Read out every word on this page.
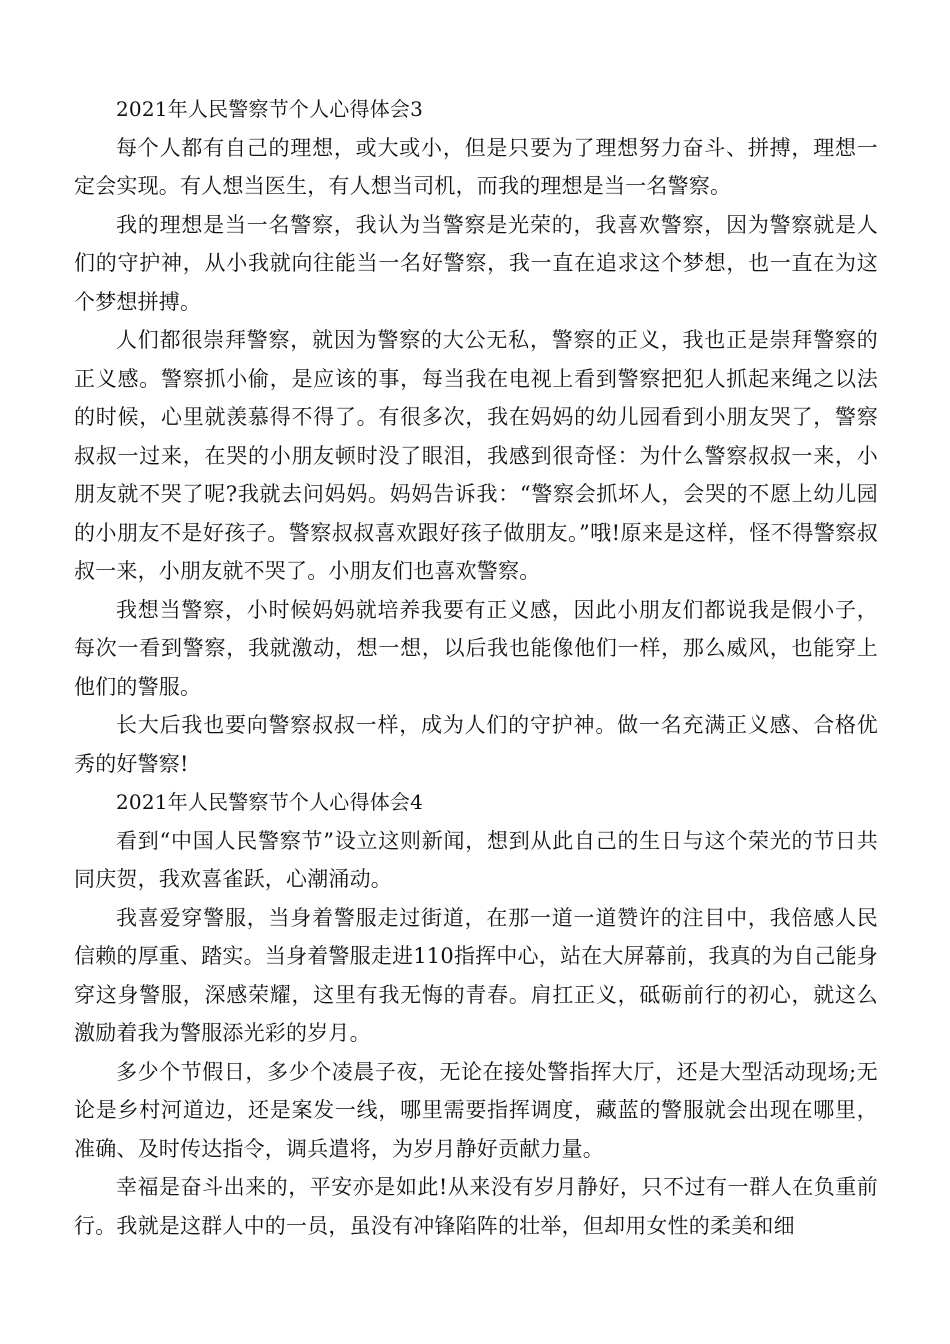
2021年人民警察节个人心得体会3

每个人都有自己的理想，或大或小，但是只要为了理想努力奋斗、拼搏，理想一定会实现。有人想当医生，有人想当司机，而我的理想是当一名警察。

我的理想是当一名警察，我认为当警察是光荣的，我喜欢警察，因为警察就是人们的守护神，从小我就向往能当一名好警察，我一直在追求这个梦想，也一直在为这个梦想拼搏。

人们都很崇拜警察，就因为警察的大公无私，警察的正义，我也正是崇拜警察的正义感。警察抓小偷，是应该的事，每当我在电视上看到警察把犯人抓起来绳之以法的时候，心里就羡慕得不得了。有很多次，我在妈妈的幼儿园看到小朋友哭了，警察叔叔一过来，在哭的小朋友顿时没了眼泪，我感到很奇怪：为什么警察叔叔一来，小朋友就不哭了呢?我就去问妈妈。妈妈告诉我：“警察会抓坏人，会哭的不愿上幼儿园的小朋友不是好孩子。警察叔叔喜欢跟好孩子做朋友。”哦!原来是这样，怪不得警察叔叔一来，小朋友就不哭了。小朋友们也喜欢警察。

我想当警察，小时候妈妈就培养我要有正义感，因此小朋友们都说我是假小子，每次一看到警察，我就激动，想一想，以后我也能像他们一样，那么威风，也能穿上他们的警服。

长大后我也要向警察叔叔一样，成为人们的守护神。做一名充满正义感、合格优秀的好警察!

2021年人民警察节个人心得体会4

看到“中国人民警察节”设立这则新闻，想到从此自己的生日与这个荣光的节日共同庆贺，我欢喜雀跃，心潮涌动。

我喜爱穿警服，当身着警服走过街道，在那一道一道赞许的注目中，我倍感人民信赖的厚重、踏实。当身着警服走进110指挥中心，站在大屏幕前，我真的为自己能身穿这身警服，深感荣耀，这里有我无悔的青春。肩扛正义，砥砺前行的初心，就这么激励着我为警服添光彩的岁月。

多少个节假日，多少个凌晨子夜，无论在接处警指挥大厅，还是大型活动现场;无论是乡村河道边，还是案发一线，哪里需要指挥调度，藏蓝的警服就会出现在哪里，准确、及时传达指令，调兵遣将，为岁月静好贡献力量。

幸福是奋斗出来的，平安亦是如此!从来没有岁月静好，只不过有一群人在负重前行。我就是这群人中的一员，虽没有冲锋陷阵的壮举，但却用女性的柔美和细
